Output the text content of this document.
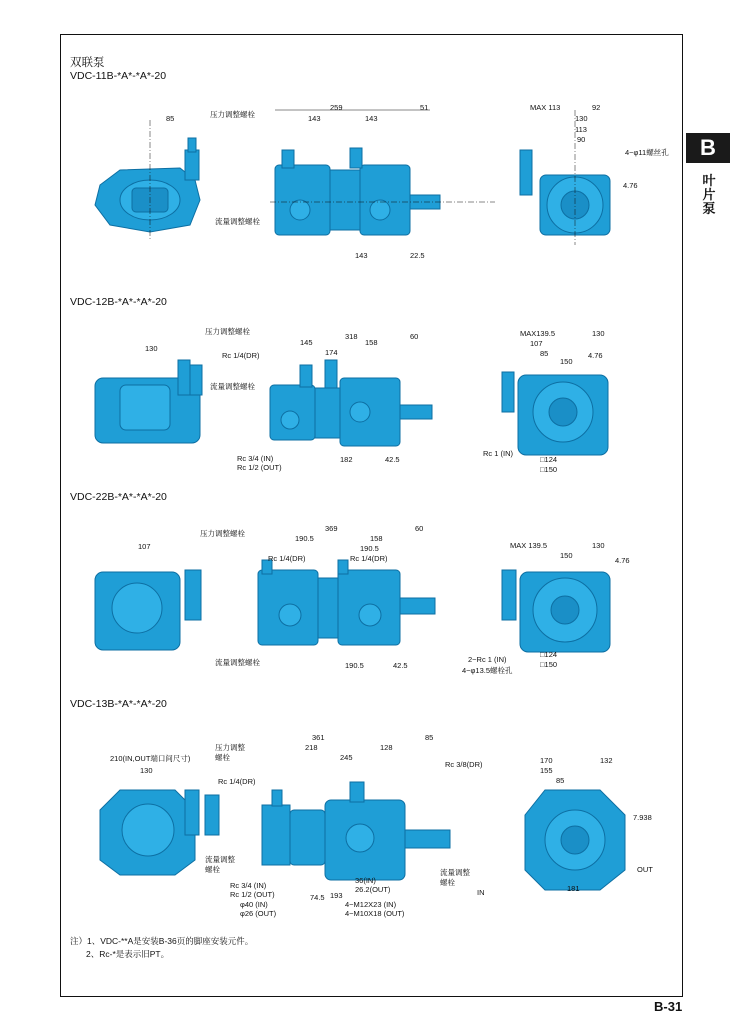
双联泵
B
叶片泵
VDC-11B-*A*-*A*-20
VDC-12B-*A*-*A*-20
VDC-22B-*A*-*A*-20
VDC-13B-*A*-*A*-20
85
259	51
143	143
143	22.5
MAX 113	92
130
113
90
4.76
压力调整螺栓
流量调整螺栓
4−φ11螺丝孔
130
318	60
145	158
174
182	42.5
MAX139.5	130
107
85
150
4.76
压力调整螺栓
流量调整螺栓
Rc 1/4(DR)
Rc 3/4 (IN)
Rc 1/2 (OUT)
Rc 1 (IN)
□124
□150
107
369	60
190.5	158
190.5
190.5	42.5
MAX 139.5	130
150
4.76
压力调整螺栓
流量调整螺栓
Rc 1/4(DR)	Rc 1/4(DR)
2−Rc 1 (IN)
4−φ13.5螺栓孔
□124
□150
210(IN,OUT端口间尺寸)
130
361	85
218	128
245
193
74.5
170	132
155
85
7.938
181
压力调整
螺栓
Rc 1/4(DR)
Rc 3/8(DR)
流量调整
螺栓
Rc 3/4 (IN)
Rc 1/2 (OUT)
φ40 (IN)
φ26 (OUT)
36(IN)
26.2(OUT)
4−M12X23 (IN)
4−M10X18 (OUT)
流量调整
螺栓
IN
OUT
注）1、VDC-**A是安装B-36页的脚座安装元件。
2、Rc-*是表示旧PT。
B-31
